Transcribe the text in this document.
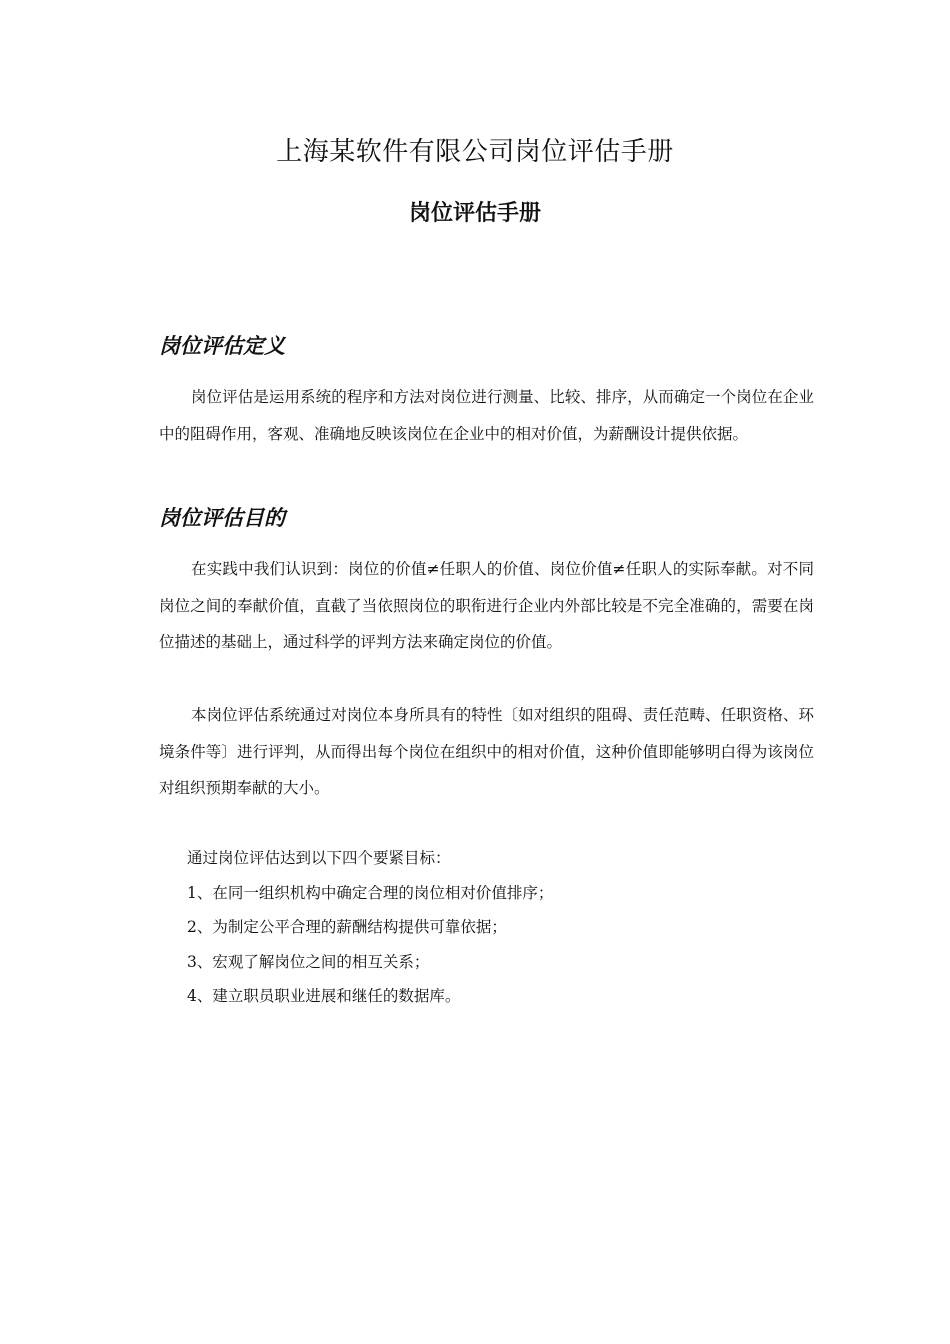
上海某软件有限公司岗位评估手册
岗位评估手册
岗位评估定义

岗位评估是运用系统的程序和方法对岗位进行测量、比较、排序，从而确定一个岗位在企业中的阻碍作用，客观、准确地反映该岗位在企业中的相对价值，为薪酬设计提供依据。

岗位评估目的

在实践中我们认识到：岗位的价值≠任职人的价值、岗位价值≠任职人的实际奉献。对不同岗位之间的奉献价值，直截了当依照岗位的职衔进行企业内外部比较是不完全准确的，需要在岗位描述的基础上，通过科学的评判方法来确定岗位的价值。

本岗位评估系统通过对岗位本身所具有的特性〔如对组织的阻碍、责任范畴、任职资格、环境条件等〕进行评判，从而得出每个岗位在组织中的相对价值，这种价值即能够明白得为该岗位对组织预期奉献的大小。

通过岗位评估达到以下四个要紧目标：
1、在同一组织机构中确定合理的岗位相对价值排序；
2、为制定公平合理的薪酬结构提供可靠依据；
3、宏观了解岗位之间的相互关系；
4、建立职员职业进展和继任的数据库。
